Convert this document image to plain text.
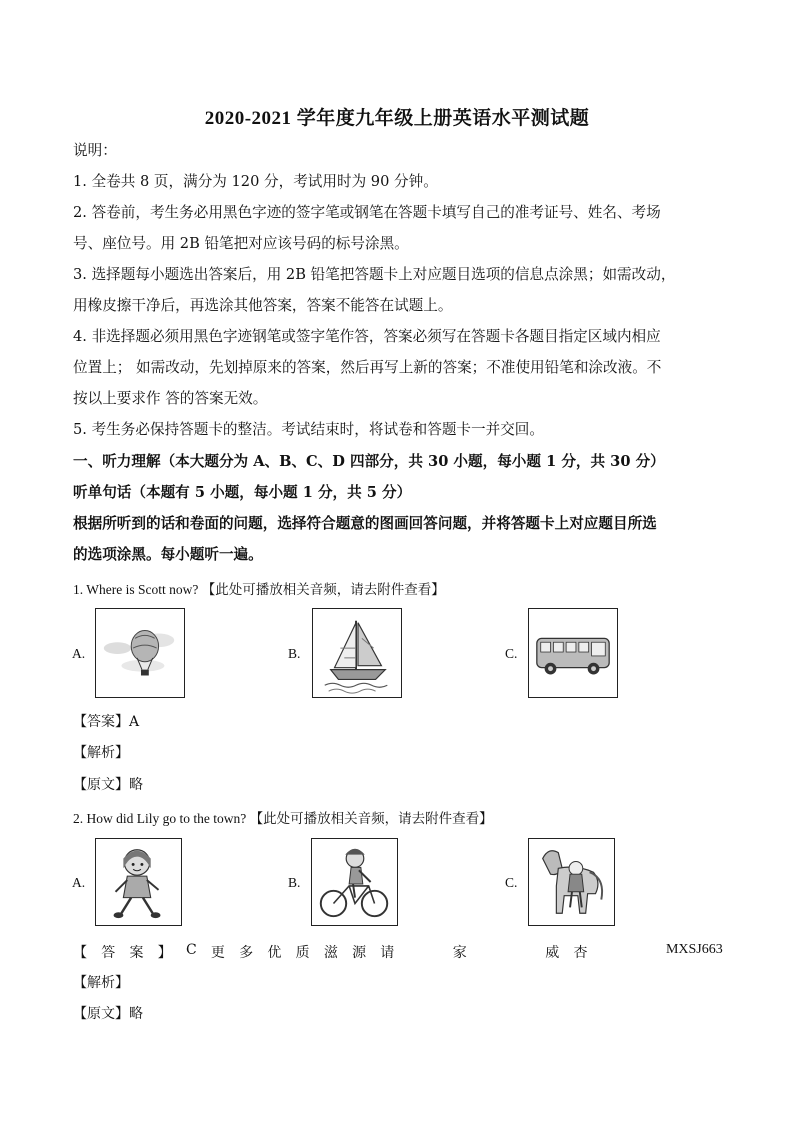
2020-2021 学年度九年级上册英语水平测试题
说明：
1. 全卷共 8 页，满分为 120 分，考试用时为 90 分钟。
2. 答卷前，考生务必用黑色字迹的签字笔或钢笔在答题卡填写自己的准考证号、姓名、考场
号、座位号。用 2B 铅笔把对应该号码的标号涂黑。
3. 选择题每小题选出答案后，用 2B 铅笔把答题卡上对应题目选项的信息点涂黑；如需改动，
用橡皮擦干净后，再选涂其他答案，答案不能答在试题上。
4. 非选择题必须用黑色字迹钢笔或签字笔作答，答案必须写在答题卡各题目指定区域内相应
位置上； 如需改动，先划掉原来的答案，然后再写上新的答案；不准使用铅笔和涂改液。不
按以上要求作 答的答案无效。
5. 考生务必保持答题卡的整洁。考试结束时，将试卷和答题卡一并交回。
一、听力理解（本大题分为 A、B、C、D 四部分，共 30 小题，每小题 1 分，共 30 分）
听单句话（本题有 5 小题，每小题 1 分，共 5 分）
根据所听到的话和卷面的问题，选择符合题意的图画回答问题，并将答题卡上对应题目所选
的选项涂黑。每小题听一遍。
1. Where is Scott now? 【此处可播放相关音频，请去附件查看】
A.	B.	C.
【答案】A
【解析】
【原文】略
2. How did Lily go to the town? 【此处可播放相关音频，请去附件查看】
A.	B.	C.
【 答 案 】 C 更 多 优 质 滋 源 请	家	威 杏	MXSJ663
【解析】
【原文】略
